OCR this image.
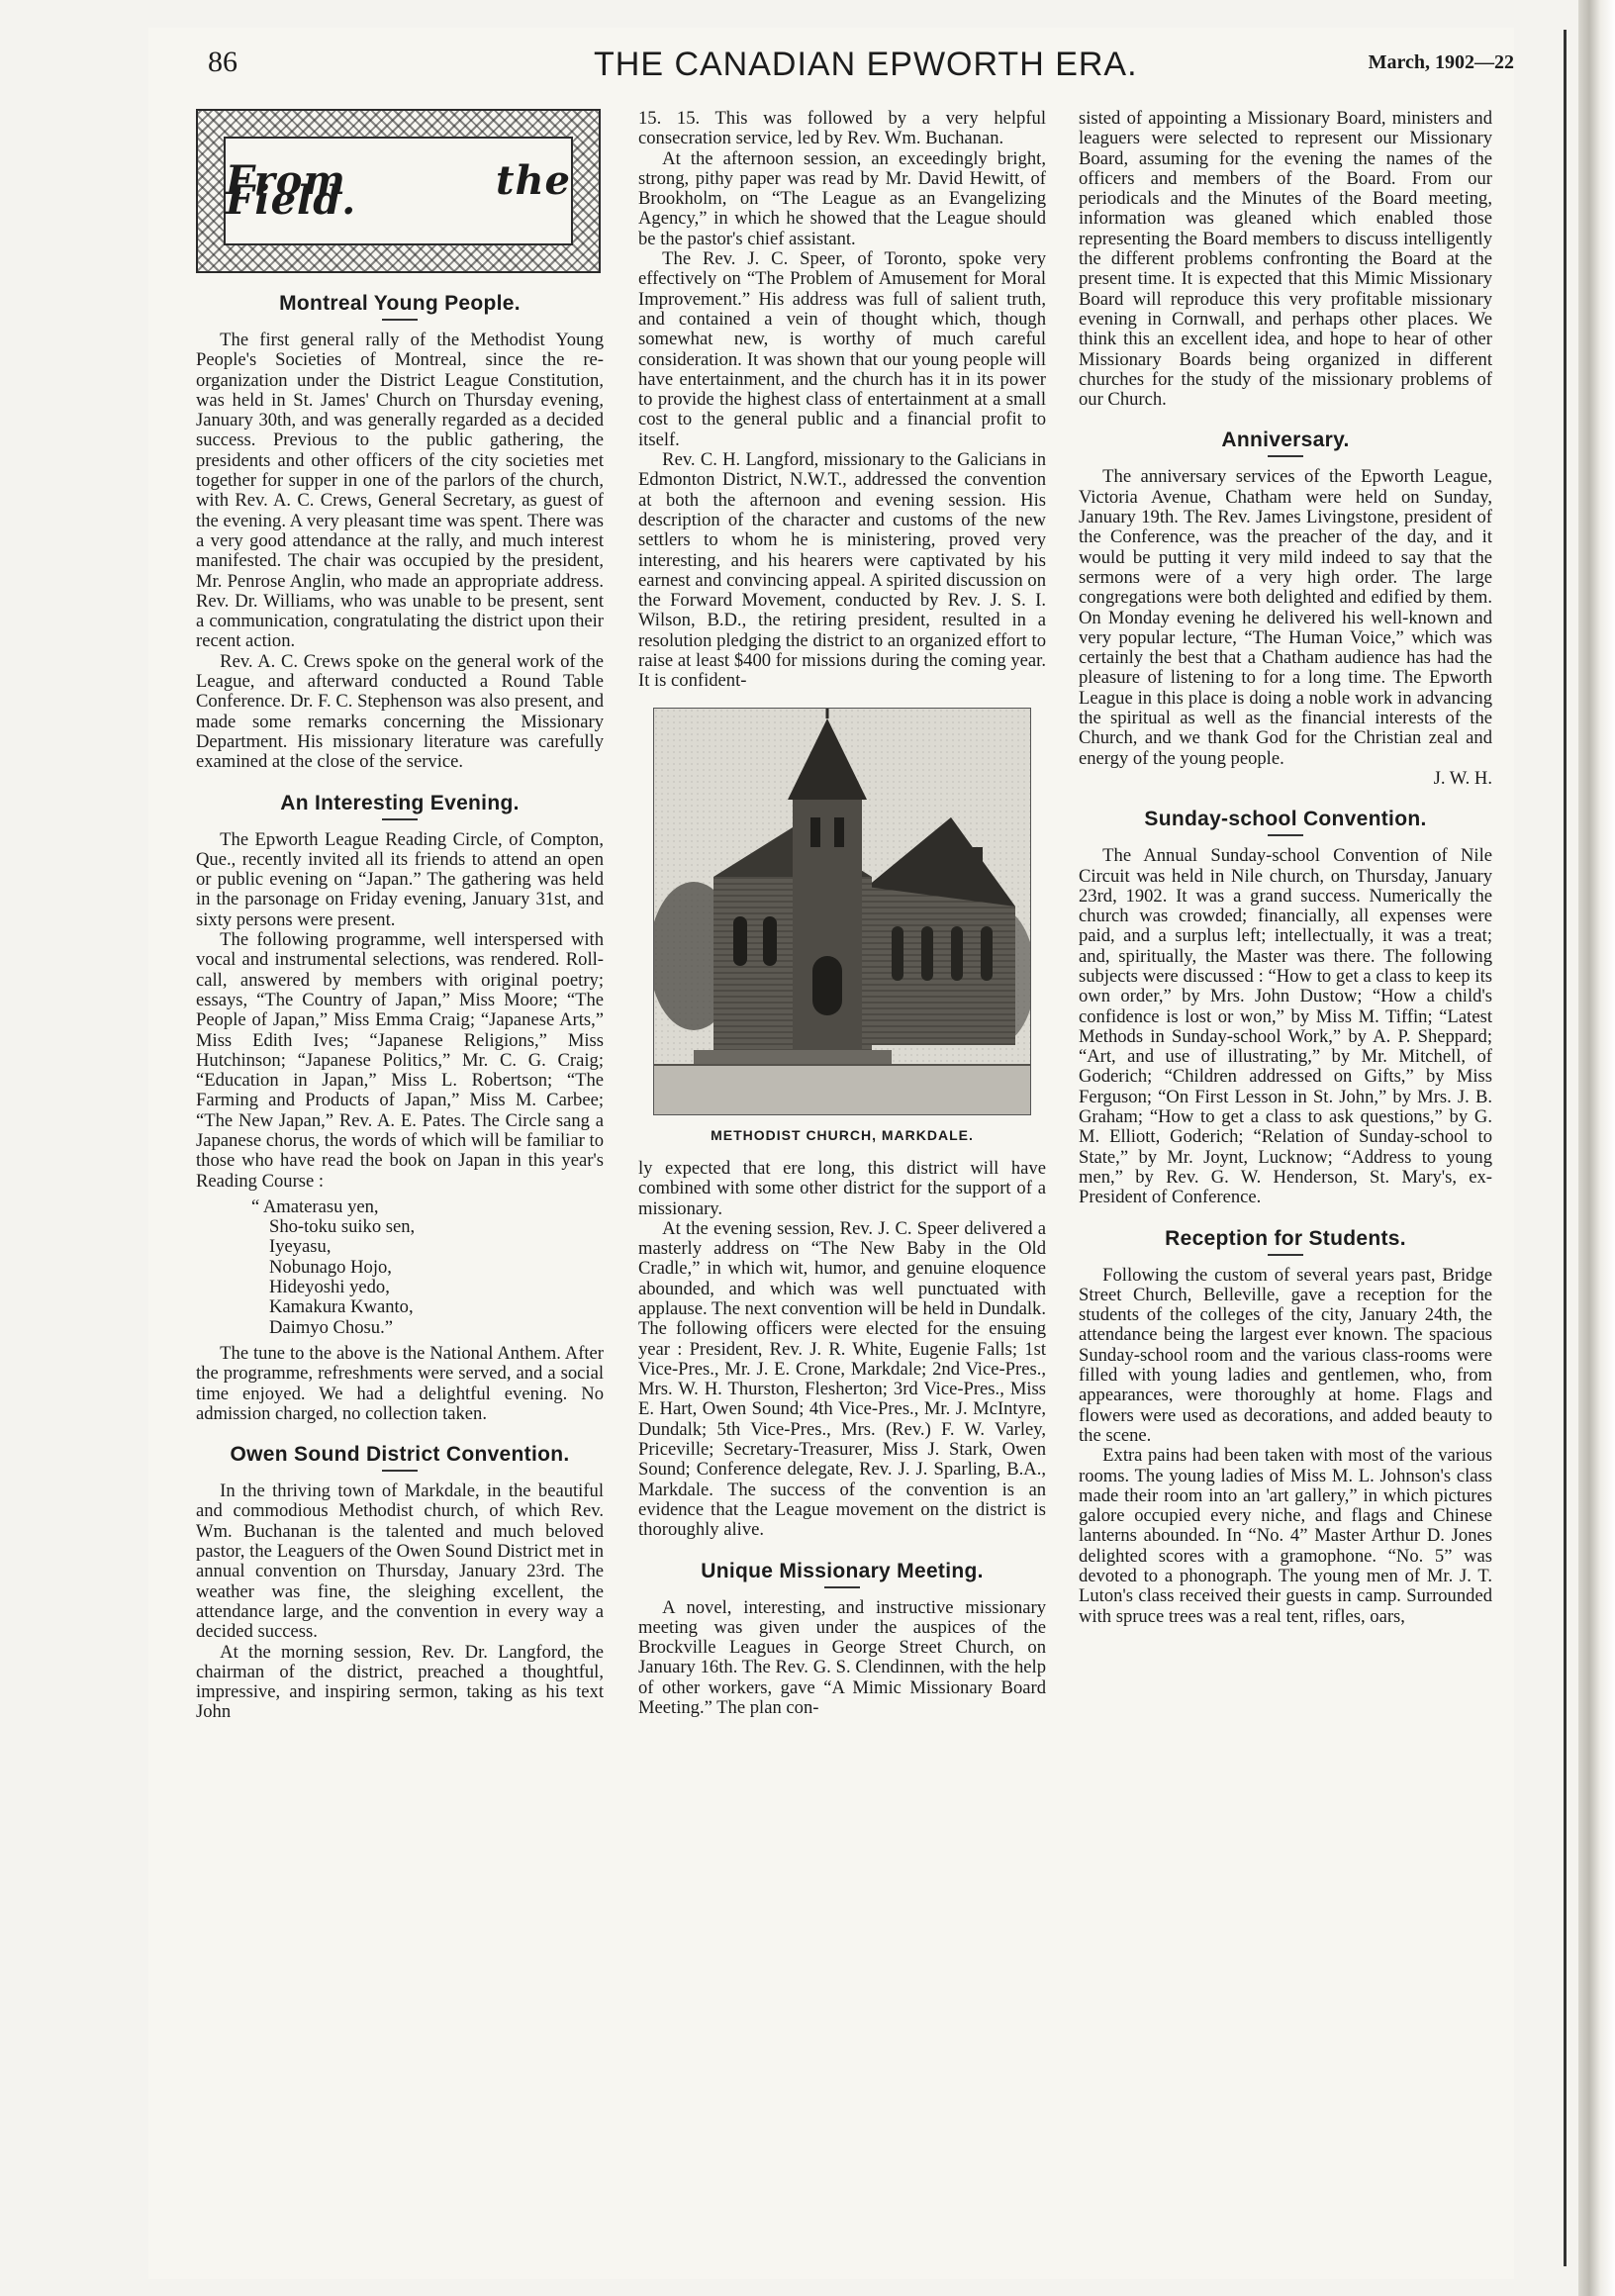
86	THE CANADIAN EPWORTH ERA.	March, 1902—22
From the Field.
Montreal Young People.

The first general rally of the Methodist Young People's Societies of Montreal, since the re-organization under the District League Constitution, was held in St. James' Church on Thursday evening, January 30th, and was generally regarded as a decided success. Previous to the public gathering, the presidents and other officers of the city societies met together for supper in one of the parlors of the church, with Rev. A. C. Crews, General Secretary, as guest of the evening. A very pleasant time was spent. There was a very good attendance at the rally, and much interest manifested. The chair was occupied by the president, Mr. Penrose Anglin, who made an appropriate address. Rev. Dr. Williams, who was unable to be present, sent a communication, congratulating the district upon their recent action.

Rev. A. C. Crews spoke on the general work of the League, and afterward conducted a Round Table Conference. Dr. F. C. Stephenson was also present, and made some remarks concerning the Missionary Department. His missionary literature was carefully examined at the close of the service.

An Interesting Evening.

The Epworth League Reading Circle, of Compton, Que., recently invited all its friends to attend an open or public evening on “Japan.” The gathering was held in the parsonage on Friday evening, January 31st, and sixty persons were present.

The following programme, well interspersed with vocal and instrumental selections, was rendered. Roll-call, answered by members with original poetry; essays, “The Country of Japan,” Miss Moore; “The People of Japan,” Miss Emma Craig; “Japanese Arts,” Miss Edith Ives; “Japanese Religions,” Miss Hutchinson; “Japanese Politics,” Mr. C. G. Craig; “Education in Japan,” Miss L. Robertson; “The Farming and Products of Japan,” Miss M. Carbee; “The New Japan,” Rev. A. E. Pates. The Circle sang a Japanese chorus, the words of which will be familiar to those who have read the book on Japan in this year's Reading Course :

“ Amaterasu yen,
Sho-toku suiko sen,
Iyeyasu,
Nobunago Hojo,
Hideyoshi yedo,
Kamakura Kwanto,
Daimyo Chosu.”

The tune to the above is the National Anthem. After the programme, refreshments were served, and a social time enjoyed. We had a delightful evening. No admission charged, no collection taken.

Owen Sound District Convention.

In the thriving town of Markdale, in the beautiful and commodious Methodist church, of which Rev. Wm. Buchanan is the talented and much beloved pastor, the Leaguers of the Owen Sound District met in annual convention on Thursday, January 23rd. The weather was fine, the sleighing excellent, the attendance large, and the convention in every way a decided success.

At the morning session, Rev. Dr. Langford, the chairman of the district, preached a thoughtful, impressive, and inspiring sermon, taking as his text John

15. 15. This was followed by a very helpful consecration service, led by Rev. Wm. Buchanan.

At the afternoon session, an exceedingly bright, strong, pithy paper was read by Mr. David Hewitt, of Brookholm, on “The League as an Evangelizing Agency,” in which he showed that the League should be the pastor's chief assistant.

The Rev. J. C. Speer, of Toronto, spoke very effectively on “The Problem of Amusement for Moral Improvement.” His address was full of salient truth, and contained a vein of thought which, though somewhat new, is worthy of much careful consideration. It was shown that our young people will have entertainment, and the church has it in its power to provide the highest class of entertainment at a small cost to the general public and a financial profit to itself.

Rev. C. H. Langford, missionary to the Galicians in Edmonton District, N.W.T., addressed the convention at both the afternoon and evening session. His description of the character and customs of the new settlers to whom he is ministering, proved very interesting, and his hearers were captivated by his earnest and convincing appeal. A spirited discussion on the Forward Movement, conducted by Rev. J. S. I. Wilson, B.D., the retiring president, resulted in a resolution pledging the district to an organized effort to raise at least $400 for missions during the coming year. It is confident-

METHODIST CHURCH, MARKDALE.

ly expected that ere long, this district will have combined with some other district for the support of a missionary.

At the evening session, Rev. J. C. Speer delivered a masterly address on “The New Baby in the Old Cradle,” in which wit, humor, and genuine eloquence abounded, and which was well punctuated with applause. The next convention will be held in Dundalk. The following officers were elected for the ensuing year : President, Rev. J. R. White, Eugenie Falls; 1st Vice-Pres., Mr. J. E. Crone, Markdale; 2nd Vice-Pres., Mrs. W. H. Thurston, Flesherton; 3rd Vice-Pres., Miss E. Hart, Owen Sound; 4th Vice-Pres., Mr. J. McIntyre, Dundalk; 5th Vice-Pres., Mrs. (Rev.) F. W. Varley, Priceville; Secretary-Treasurer, Miss J. Stark, Owen Sound; Conference delegate, Rev. J. J. Sparling, B.A., Markdale. The success of the convention is an evidence that the League movement on the district is thoroughly alive.

Unique Missionary Meeting.

A novel, interesting, and instructive missionary meeting was given under the auspices of the Brockville Leagues in George Street Church, on January 16th. The Rev. G. S. Clendinnen, with the help of other workers, gave “A Mimic Missionary Board Meeting.” The plan con-

sisted of appointing a Missionary Board, ministers and leaguers were selected to represent our Missionary Board, assuming for the evening the names of the officers and members of the Board. From our periodicals and the Minutes of the Board meeting, information was gleaned which enabled those representing the Board members to discuss intelligently the different problems confronting the Board at the present time. It is expected that this Mimic Missionary Board will reproduce this very profitable missionary evening in Cornwall, and perhaps other places. We think this an excellent idea, and hope to hear of other Missionary Boards being organized in different churches for the study of the missionary problems of our Church.

Anniversary.

The anniversary services of the Epworth League, Victoria Avenue, Chatham were held on Sunday, January 19th. The Rev. James Livingstone, president of the Conference, was the preacher of the day, and it would be putting it very mild indeed to say that the sermons were of a very high order. The large congregations were both delighted and edified by them. On Monday evening he delivered his well-known and very popular lecture, “The Human Voice,” which was certainly the best that a Chatham audience has had the pleasure of listening to for a long time. The Epworth League in this place is doing a noble work in advancing the spiritual as well as the financial interests of the Church, and we thank God for the Christian zeal and energy of the young people.

J. W. H.
Sunday-school Convention.

The Annual Sunday-school Convention of Nile Circuit was held in Nile church, on Thursday, January 23rd, 1902. It was a grand success. Numerically the church was crowded; financially, all expenses were paid, and a surplus left; intellectually, it was a treat; and, spiritually, the Master was there. The following subjects were discussed : “How to get a class to keep its own order,” by Mrs. John Dustow; “How a child's confidence is lost or won,” by Miss M. Tiffin; “Latest Methods in Sunday-school Work,” by A. P. Sheppard; “Art, and use of illustrating,” by Mr. Mitchell, of Goderich; “Children addressed on Gifts,” by Miss Ferguson; “On First Lesson in St. John,” by Mrs. J. B. Graham; “How to get a class to ask questions,” by G. M. Elliott, Goderich; “Relation of Sunday-school to State,” by Mr. Joynt, Lucknow; “Address to young men,” by Rev. G. W. Henderson, St. Mary's, ex-President of Conference.

Reception for Students.

Following the custom of several years past, Bridge Street Church, Belleville, gave a reception for the students of the colleges of the city, January 24th, the attendance being the largest ever known. The spacious Sunday-school room and the various class-rooms were filled with young ladies and gentlemen, who, from appearances, were thoroughly at home. Flags and flowers were used as decorations, and added beauty to the scene.

Extra pains had been taken with most of the various rooms. The young ladies of Miss M. L. Johnson's class made their room into an 'art gallery,” in which pictures galore occupied every niche, and flags and Chinese lanterns abounded. In “No. 4” Master Arthur D. Jones delighted scores with a gramophone. “No. 5” was devoted to a phonograph. The young men of Mr. J. T. Luton's class received their guests in camp. Surrounded with spruce trees was a real tent, rifles, oars,
